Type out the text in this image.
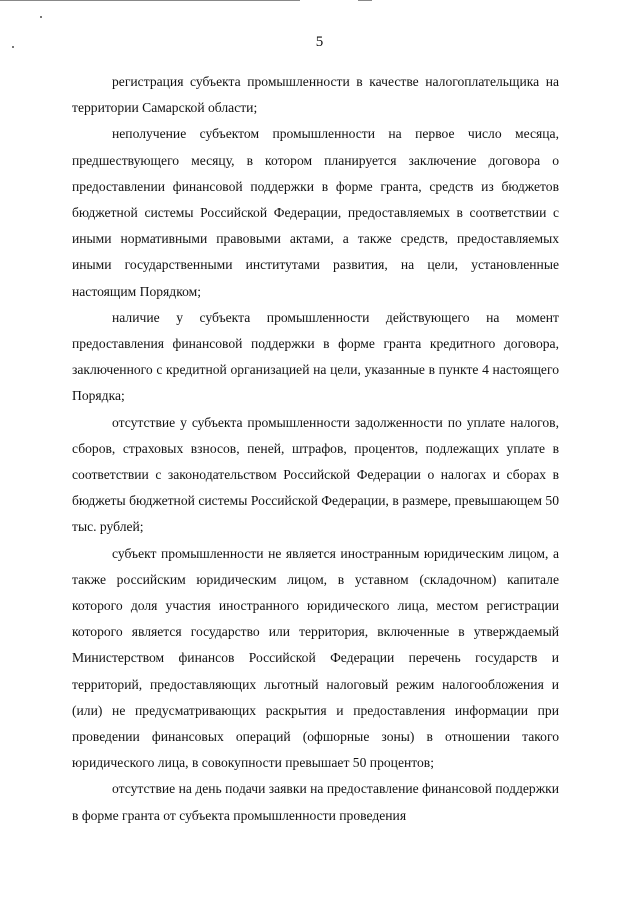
5

регистрация субъекта промышленности в качестве налогоплательщика на территории Самарской области;

неполучение субъектом промышленности на первое число месяца, предшествующего месяцу, в котором планируется заключение договора о предоставлении финансовой поддержки в форме гранта, средств из бюджетов бюджетной системы Российской Федерации, предоставляемых в соответствии с иными нормативными правовыми актами, а также средств, предоставляемых иными государственными институтами развития, на цели, установленные настоящим Порядком;

наличие у субъекта промышленности действующего на момент предоставления финансовой поддержки в форме гранта кредитного договора, заключенного с кредитной организацией на цели, указанные в пункте 4 настоящего Порядка;

отсутствие у субъекта промышленности задолженности по уплате налогов, сборов, страховых взносов, пеней, штрафов, процентов, подлежащих уплате в соответствии с законодательством Российской Федерации о налогах и сборах в бюджеты бюджетной системы Российской Федерации, в размере, превышающем 50 тыс. рублей;

субъект промышленности не является иностранным юридическим лицом, а также российским юридическим лицом, в уставном (складочном) капитале которого доля участия иностранного юридического лица, местом регистрации которого является государство или территория, включенные в утверждаемый Министерством финансов Российской Федерации перечень государств и территорий, предоставляющих льготный налоговый режим налогообложения и (или) не предусматривающих раскрытия и предоставления информации при проведении финансовых операций (офшорные зоны) в отношении такого юридического лица, в совокупности превышает 50 процентов;

отсутствие на день подачи заявки на предоставление финансовой поддержки в форме гранта от субъекта промышленности проведения
